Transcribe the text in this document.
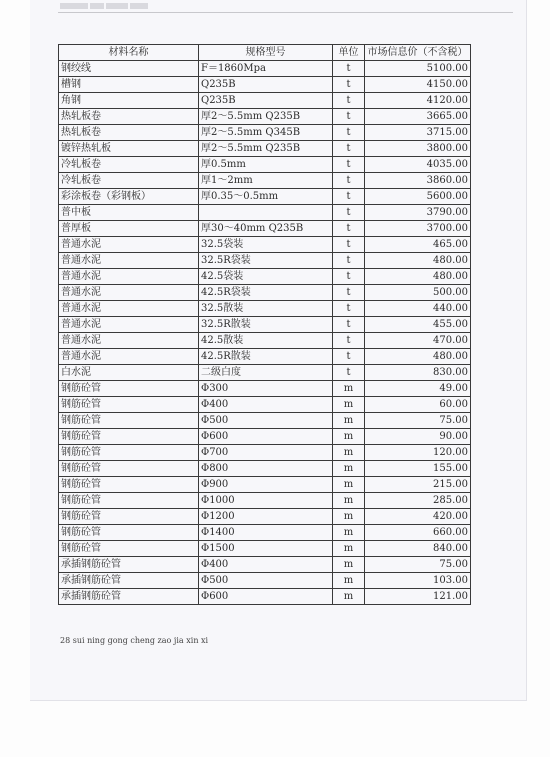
材料名称	规格型号	单位	市场信息价（不含税）
钢绞线	F＝1860Mpa	t	5100.00
槽钢	Q235B	t	4150.00
角钢	Q235B	t	4120.00
热轧板卷	厚2～5.5mm Q235B	t	3665.00
热轧板卷	厚2～5.5mm Q345B	t	3715.00
镀锌热轧板	厚2～5.5mm Q235B	t	3800.00
冷轧板卷	厚0.5mm	t	4035.00
冷轧板卷	厚1～2mm	t	3860.00
彩涂板卷（彩钢板）	厚0.35～0.5mm	t	5600.00
普中板		t	3790.00
普厚板	厚30～40mm Q235B	t	3700.00
普通水泥	32.5袋装	t	465.00
普通水泥	32.5R袋装	t	480.00
普通水泥	42.5袋装	t	480.00
普通水泥	42.5R袋装	t	500.00
普通水泥	32.5散装	t	440.00
普通水泥	32.5R散装	t	455.00
普通水泥	42.5散装	t	470.00
普通水泥	42.5R散装	t	480.00
白水泥	二级白度	t	830.00
钢筋砼管	Φ300	m	49.00
钢筋砼管	Φ400	m	60.00
钢筋砼管	Φ500	m	75.00
钢筋砼管	Φ600	m	90.00
钢筋砼管	Φ700	m	120.00
钢筋砼管	Φ800	m	155.00
钢筋砼管	Φ900	m	215.00
钢筋砼管	Φ1000	m	285.00
钢筋砼管	Φ1200	m	420.00
钢筋砼管	Φ1400	m	660.00
钢筋砼管	Φ1500	m	840.00
承插钢筋砼管	Φ400	m	75.00
承插钢筋砼管	Φ500	m	103.00
承插钢筋砼管	Φ600	m	121.00
28 sui ning gong cheng zao jia xin xi
